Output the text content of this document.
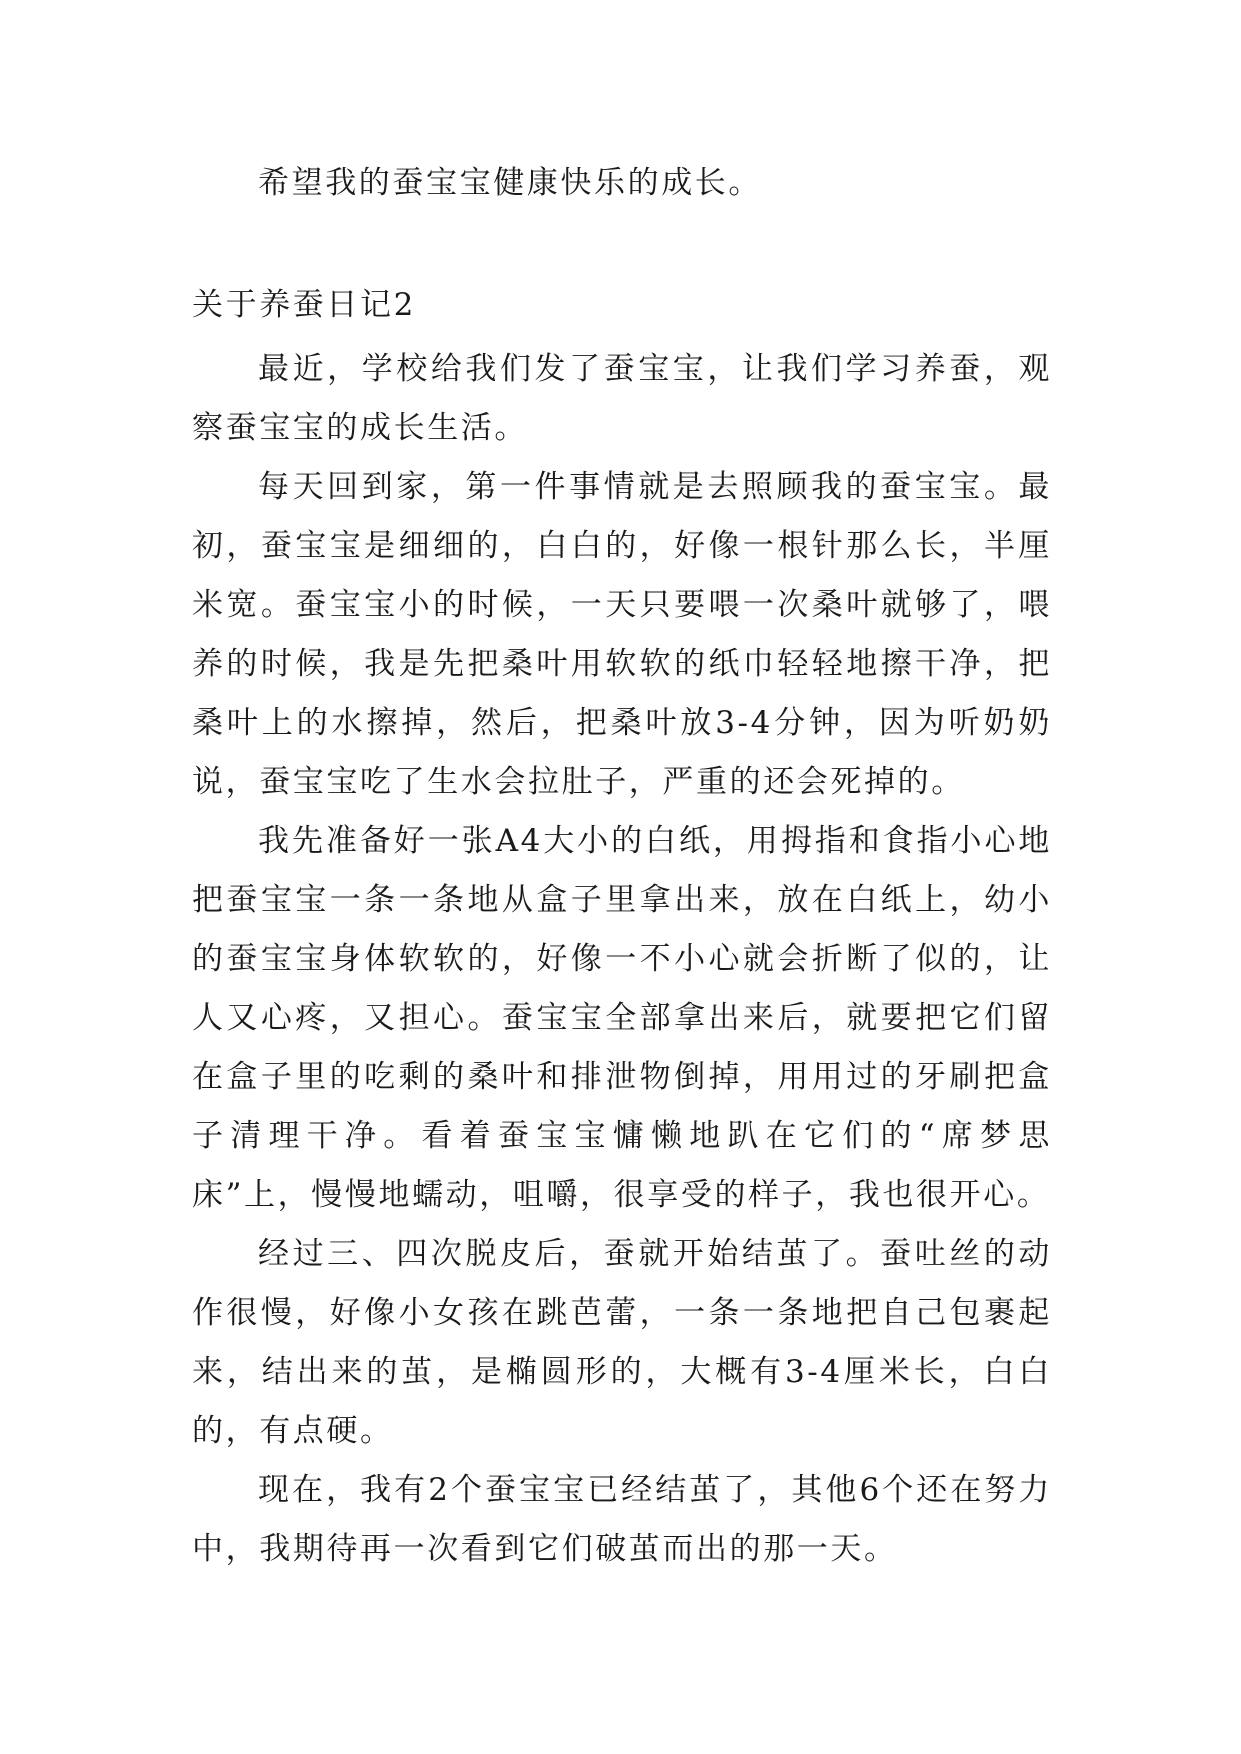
希望我的蚕宝宝健康快乐的成长。

关于养蚕日记2

最近，学校给我们发了蚕宝宝，让我们学习养蚕，观察蚕宝宝的成长生活。

每天回到家，第一件事情就是去照顾我的蚕宝宝。最初，蚕宝宝是细细的，白白的，好像一根针那么长，半厘米宽。蚕宝宝小的时候，一天只要喂一次桑叶就够了，喂养的时候，我是先把桑叶用软软的纸巾轻轻地擦干净，把桑叶上的水擦掉，然后，把桑叶放3-4分钟，因为听奶奶说，蚕宝宝吃了生水会拉肚子，严重的还会死掉的。

我先准备好一张A4大小的白纸，用拇指和食指小心地把蚕宝宝一条一条地从盒子里拿出来，放在白纸上，幼小的蚕宝宝身体软软的，好像一不小心就会折断了似的，让人又心疼，又担心。蚕宝宝全部拿出来后，就要把它们留在盒子里的吃剩的桑叶和排泄物倒掉，用用过的牙刷把盒子清理干净。看着蚕宝宝慵懒地趴在它们的“席梦思床”上，慢慢地蠕动，咀嚼，很享受的样子，我也很开心。

经过三、四次脱皮后，蚕就开始结茧了。蚕吐丝的动作很慢，好像小女孩在跳芭蕾，一条一条地把自己包裹起来，结出来的茧，是椭圆形的，大概有3-4厘米长，白白的，有点硬。

现在，我有2个蚕宝宝已经结茧了，其他6个还在努力中，我期待再一次看到它们破茧而出的那一天。
